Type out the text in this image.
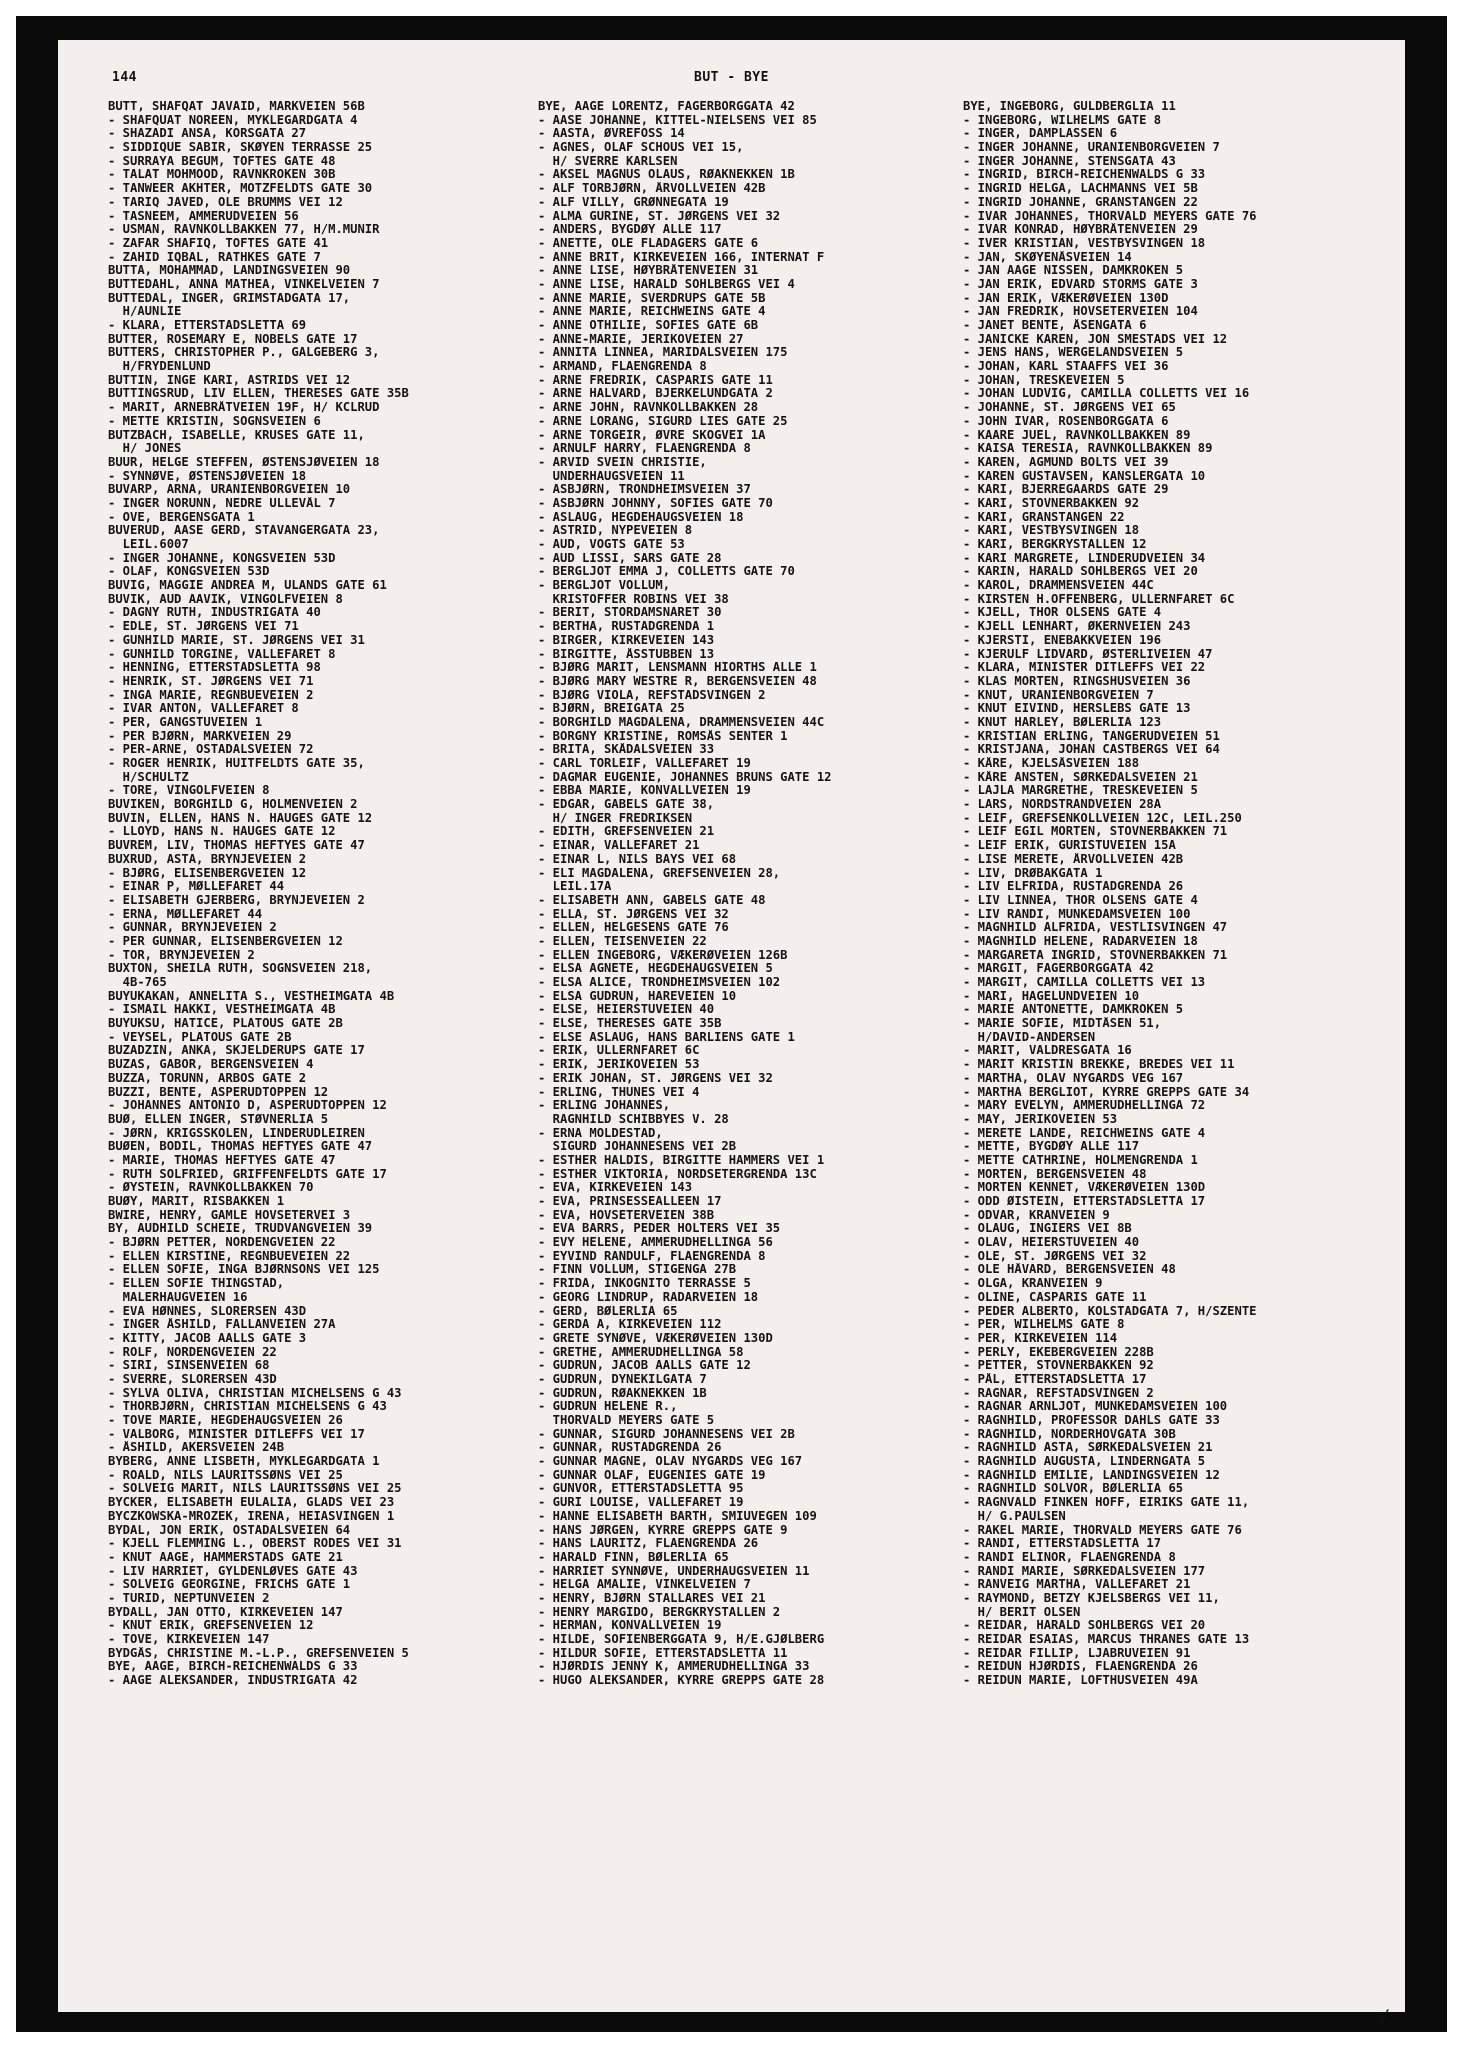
144	BUT - BYE
BUTT, SHAFQAT JAVAID, MARKVEIEN 56B
- SHAFQUAT NOREEN, MYKLEGARDGATA 4
- SHAZADI ANSA, KÖRSGATA 27
- SIDDIQUE SABIR, SKØYEN TERRASSE 25
- SURRAYA BEGUM, TOFTES GATE 48
- TALAT MOHMOOD, RAVNKROKEN 30B
- TANWEER AKHTER, MOTZFELDTS GATE 30
- TARIQ JAVED, OLE BRUMMS VEI 12
- TASNEEM, AMMERUDVEIEN 56
- USMAN, RAVNKOLLBAKKEN 77, H/M.MUNIR
- ZAFAR SHAFIQ, TOFTES GATE 41
- ZAHID IQBAL, RATHKES GATE 7
BUTTA, MOHAMMAD, LANDINGSVEIEN 90
BUTTEDAHL, ANNA MATHEA, VINKELVEIEN 7
BUTTEDAL, INGER, GRIMSTADGATA 17,
H/AUNLIE
- KLARA, ETTERSTADSLETTA 69
BUTTER, ROSEMARY E, NOBELS GATE 17
BUTTERS, CHRISTOPHER P., GALGEBERG 3,
H/FRYDENLUND
BUTTIN, INGE KARI, ASTRIDS VEI 12
BUTTINGSRUD, LIV ELLEN, THERESES GATE 35B
- MARIT, ARNEBRÅTVEIEN 19F, H/ KCLRUD
- METTE KRISTIN, SOGNSVEIEN 6
BUTZBACH, ISABELLE, KRUSES GATE 11,
H/ JONES
BUUR, HELGE STEFFEN, ØSTENSJØVEIEN 18
- SYNNØVE, ØSTENSJØVEIEN 18
BUVARP, ARNA, URANIENBORGVEIEN 10
- INGER NORUNN, NEDRE ULLEVÅL 7
- OVE, BERGENSGATA 1
BUVERUD, AASE GERD, STAVANGERGATA 23,
LEIL.6007
- INGER JOHANNE, KONGSVEIEN 53D
- OLAF, KONGSVEIEN 53D
BUVIG, MAGGIE ANDREA M, ULANDS GATE 61
BUVIK, AUD AAVIK, VINGOLFVEIEN 8
- DAGNY RUTH, INDUSTRIGATA 40
- EDLE, ST. JØRGENS VEI 71
- GUNHILD MARIE, ST. JØRGENS VEI 31
- GUNHILD TORGINE, VALLEFARET 8
- HENNING, ETTERSTADSLETTA 98
- HENRIK, ST. JØRGENS VEI 71
- INGA MARIE, REGNBUEVEIEN 2
- IVAR ANTON, VALLEFARET 8
- PER, GANGSTUVEIEN 1
- PER BJØRN, MARKVEIEN 29
- PER-ARNE, OSTADALSVEIEN 72
- ROGER HENRIK, HUITFELDTS GATE 35,
H/SCHULTZ
- TORE, VINGOLFVEIEN 8
BUVIKEN, BORGHILD G, HOLMENVEIEN 2
BUVIN, ELLEN, HANS N. HAUGES GATE 12
- LLOYD, HANS N. HAUGES GATE 12
BUVREM, LIV, THOMAS HEFTYES GATE 47
BUXRUD, ASTA, BRYNJEVEIEN 2
- BJØRG, ELISENBERGVEIEN 12
- EINAR P, MØLLEFARET 44
- ELISABETH GJERBERG, BRYNJEVEIEN 2
- ERNA, MØLLEFARET 44
- GUNNAR, BRYNJEVEIEN 2
- PER GUNNAR, ELISENBERGVEIEN 12
- TOR, BRYNJEVEIEN 2
BUXTON, SHEILA RUTH, SOGNSVEIEN 218,
4B-765
BUYUKAKAN, ANNELITA S., VESTHEIMGATA 4B
- ISMAIL HAKKI, VESTHEIMGATA 4B
BUYUKSU, HATICE, PLATOUS GATE 2B
- VEYSEL, PLATOUS GATE 2B
BUZADZIN, ANKA, SKJELDERUPS GATE 17
BUZAS, GABOR, BERGENSVEIEN 4
BUZZA, TORUNN, ARBOS GATE 2
BUZZI, BENTE, ASPERUDTOPPEN 12
- JOHANNES ANTONIO D, ASPERUDTOPPEN 12
BUØ, ELLEN INGER, STØVNERLIA 5
- JØRN, KRIGSSKOLEN, LINDERUDLEIREN
BUØEN, BODIL, THOMAS HEFTYES GATE 47
- MARIE, THOMAS HEFTYES GATE 47
- RUTH SOLFRIED, GRIFFENFELDTS GATE 17
- ØYSTEIN, RAVNKOLLBAKKEN 70
BUØY, MARIT, RISBAKKEN 1
BWIRE, HENRY, GAMLE HOVSETERVEI 3
BY, AUDHILD SCHEIE, TRUDVANGVEIEN 39
- BJØRN PETTER, NORDENGVEIEN 22
- ELLEN KIRSTINE, REGNBUEVEIEN 22
- ELLEN SOFIE, INGA BJØRNSONS VEI 125
- ELLEN SOFIE THINGSTAD,
MALERHAUGVEIEN 16
- EVA HØNNES, SLORERSEN 43D
- INGER ÅSHILD, FALLANVEIEN 27A
- KITTY, JACOB AALLS GATE 3
- ROLF, NORDENGVEIEN 22
- SIRI, SINSENVEIEN 68
- SVERRE, SLORERSEN 43D
- SYLVA OLIVA, CHRISTIAN MICHELSENS G 43
- THORBJØRN, CHRISTIAN MICHELSENS G 43
- TOVE MARIE, HEGDEHAUGSVEIEN 26
- VALBORG, MINISTER DITLEFFS VEI 17
- ÅSHILD, AKERSVEIEN 24B
BYBERG, ANNE LISBETH, MYKLEGARDGATA 1
- ROALD, NILS LAURITSSØNS VEI 25
- SOLVEIG MARIT, NILS LAURITSSØNS VEI 25
BYCKER, ELISABETH EULALIA, GLADS VEI 23
BYCZKOWSKA-MROZEK, IRENA, HEIASVINGEN 1
BYDAL, JON ERIK, OSTADALSVEIEN 64
- KJELL FLEMMING L., OBERST RODES VEI 31
- KNUT AAGE, HAMMERSTADS GATE 21
- LIV HARRIET, GYLDENLØVES GATE 43
- SOLVEIG GEORGINE, FRICHS GATE 1
- TURID, NEPTUNVEIEN 2
BYDALL, JAN OTTO, KIRKEVEIEN 147
- KNUT ERIK, GREFSENVEIEN 12
- TOVE, KIRKEVEIEN 147
BYDGÅS, CHRISTINE M.-L.P., GREFSENVEIEN 5
BYE, AAGE, BIRCH-REICHENWALDS G 33
- AAGE ALEKSANDER, INDUSTRIGATA 42
BYE, AAGE LORENTZ, FAGERBORGGATA 42
- AASE JOHANNE, KITTEL-NIELSENS VEI 85
- AASTA, ØVREFÖSS 14
- AGNES, OLAF SCHOUS VEI 15,
H/ SVERRE KARLSEN
- AKSEL MAGNUS OLAUS, RØAKNEKKEN 1B
- ALF TORBJØRN, ÅRVOLLVEIEN 42B
- ALF VILLY, GRØNNEGATA 19
- ALMA GURINE, ST. JØRGENS VEI 32
- ANDERS, BYGDØY ALLÉ 117
- ANETTE, OLE FLADAGERS GATE 6
- ANNE BRIT, KIRKEVEIEN 166, INTERNAT F
- ANNE LISE, HØYBRÅTENVEIEN 31
- ANNE LISE, HARALD SÖHLBERGS VEI 4
- ANNE MARIE, SVERDRUPS GATE 5B
- ANNE MARIE, REICHWEINS GATE 4
- ANNE OTHILIE, SOFIES GATE 6B
- ANNE-MARIE, JERIKOVEIEN 27
- ANNITA LINNEA, MARIDALSVEIEN 175
- ARMAND, FLAENGRENDA 8
- ARNE FREDRIK, CASPARIS GATE 11
- ARNE HALVARD, BJERKELUNDGATA 2
- ARNE JOHN, RAVNKOLLBAKKEN 28
- ARNE LORANG, SIGURD LIES GATE 25
- ARNE TORGEIR, ØVRE SKOGVEI 1A
- ARNULF HARRY, FLAENGRENDA 8
- ARVID SVEIN CHRISTIE,
UNDERHAUGSVEIEN 11
- ASBJØRN, TRONDHEIMSVEIEN 37
- ASBJØRN JOHNNY, SOFIES GATE 70
- ASLAUG, HEGDEHAUGSVEIEN 18
- ASTRID, NYPEVEIEN 8
- AUD, VOGTS GATE 53
- AUD LISSI, SARS GATE 28
- BERGLJOT EMMA J, COLLETTS GATE 70
- BERGLJOT VOLLUM,
KRISTOFFER ROBINS VEI 38
- BERIT, STORDAMSNARET 30
- BERTHA, RUSTADGRENDA 1
- BIRGER, KIRKEVEIEN 143
- BIRGITTE, ÅSSTUBBEN 13
- BJØRG MARIT, LENSMANN HIORTHS ALLÉ 1
- BJØRG MARY WESTRE R, BERGENSVEIEN 48
- BJØRG VIOLA, REFSTADSVINGEN 2
- BJØRN, BREIGATA 25
- BORGHILD MAGDALENA, DRAMMENSVEIEN 44C
- BORGNY KRISTINE, ROMSÅS SENTER 1
- BRITA, SKÅDALSVEIEN 33
- CARL TORLEIF, VALLEFARET 19
- DAGMAR EUGENIE, JOHANNES BRUNS GATE 12
- EBBA MARIE, KONVALLVEIEN 19
- EDGAR, GABELS GATE 38,
H/ INGER FREDRIKSEN
- EDITH, GREFSENVEIEN 21
- EINAR, VALLEFARET 21
- EINAR L, NILS BAYS VEI 68
- ELI MAGDALENA, GREFSENVEIEN 28,
LEIL.17A
- ELISABETH ANN, GABELS GATE 48
- ELLA, ST. JØRGENS VEI 32
- ELLEN, HELGESENS GATE 76
- ELLEN, TEISENVEIEN 22
- ELLEN INGEBORG, VÆKERØVEIEN 126B
- ELSA AGNETE, HEGDEHAUGSVEIEN 5
- ELSA ALICE, TRONDHEIMSVEIEN 102
- ELSA GUDRUN, HAREVEIEN 10
- ELSE, HEIERSTUVEIEN 40
- ELSE, THERESES GATE 35B
- ELSE ASLAUG, HANS BARLIENS GATE 1
- ERIK, ULLERNFARET 6C
- ERIK, JERIKOVEIEN 53
- ERIK JOHAN, ST. JØRGENS VEI 32
- ERLING, THUNES VEI 4
- ERLING JOHANNES,
RAGNHILD SCHIBBYES V. 28
- ERNA MOLDESTAD,
SIGURD JOHANNESENS VEI 2B
- ESTHER HALDIS, BIRGITTE HAMMERS VEI 1
- ESTHER VIKTORIA, NORDSETERGRENDA 13C
- EVA, KIRKEVEIEN 143
- EVA, PRINSESSEALLEEN 17
- EVA, HOVSETERVEIEN 38B
- EVA BARRS, PEDER HOLTERS VEI 35
- EVY HELENE, AMMERUDHELLINGA 56
- EYVIND RANDULF, FLAENGRENDA 8
- FINN VOLLUM, STIGENGA 27B
- FRIDA, INKOGNITO TERRASSE 5
- GEORG LINDRUP, RADARVEIEN 18
- GERD, BØLERLIA 65
- GERDA A, KIRKEVEIEN 112
- GRETE SYNØVE, VÆKERØVEIEN 130D
- GRETHE, AMMERUDHELLINGA 58
- GUDRUN, JACOB AALLS GATE 12
- GUDRUN, DYNEKILGATA 7
- GUDRUN, RØAKNEKKEN 1B
- GUDRUN HELENE R.,
THORVALD MEYERS GATE 5
- GUNNAR, SIGURD JOHANNESENS VEI 2B
- GUNNAR, RUSTADGRENDA 26
- GUNNAR MAGNE, OLAV NYGARDS VEG 167
- GUNNAR OLAF, EUGENIES GATE 19
- GUNVOR, ETTERSTADSLETTA 95
- GURI LOUISE, VALLEFARET 19
- HANNE ELISABETH BARTH, SMIUVEGEN 109
- HANS JØRGEN, KYRRE GREPPS GATE 9
- HANS LAURITZ, FLAENGRENDA 26
- HARALD FINN, BØLERLIA 65
- HARRIET SYNNØVE, UNDERHAUGSVEIEN 11
- HELGA AMALIE, VINKELVEIEN 7
- HENRY, BJØRN STALLARES VEI 21
- HENRY MARGIDO, BERGKRYSTALLEN 2
- HERMAN, KONVALLVEIEN 19
- HILDE, SOFIENBERGGATA 9, H/E.GJØLBERG
- HILDUR SOFIE, ETTERSTADSLETTA 11
- HJØRDIS JENNY K, AMMERUDHELLINGA 33
- HUGO ALEKSANDER, KYRRE GREPPS GATE 28
BYE, INGEBORG, GULDBERGLIA 11
- INGEBORG, WILHELMS GATE 8
- INGER, DAMPLASSEN 6
- INGER JOHANNE, URANIENBORGVEIEN 7
- INGER JOHANNE, STENSGATA 43
- INGRID, BIRCH-REICHENWALDS G 33
- INGRID HELGA, LACHMANNS VEI 5B
- INGRID JOHANNE, GRANSTANGEN 22
- IVAR JOHANNES, THORVALD MEYERS GATE 76
- IVAR KONRAD, HØYBRÅTENVEIEN 29
- IVER KRISTIAN, VESTBYSVINGEN 18
- JAN, SKØYENÅSVEIEN 14
- JAN AAGE NISSEN, DAMKROKEN 5
- JAN ERIK, EDVARD STORMS GATE 3
- JAN ERIK, VÆKERØVEIEN 130D
- JAN FREDRIK, HOVSETERVEIEN 104
- JANET BENTE, ÅSENGATA 6
- JANICKE KAREN, JON SMESTADS VEI 12
- JENS HANS, WERGELANDSVEIEN 5
- JOHAN, KARL STAAFFS VEI 36
- JOHAN, TRESKEVEIEN 5
- JOHAN LUDVIG, CAMILLA COLLETTS VEI 16
- JOHANNE, ST. JØRGENS VEI 65
- JOHN IVAR, ROSENBORGGATA 6
- KAARE JUEL, RAVNKOLLBAKKEN 89
- KAISA TERESIA, RAVNKOLLBAKKEN 89
- KAREN, AGMUND BOLTS VEI 39
- KAREN GUSTAVSEN, KANSLERGATA 10
- KARI, BJERREGAARDS GATE 29
- KARI, STOVNERBAKKEN 92
- KARI, GRANSTANGEN 22
- KARI, VESTBYSVINGEN 18
- KARI, BERGKRYSTALLEN 12
- KARI MARGRETE, LINDERUDVEIEN 34
- KARIN, HARALD SOHLBERGS VEI 20
- KAROL, DRAMMENSVEIEN 44C
- KIRSTEN H.OFFENBERG, ULLERNFARET 6C
- KJELL, THOR OLSENS GATE 4
- KJELL LENHART, ØKERNVEIEN 243
- KJERSTI, ENEBAKKVEIEN 196
- KJERULF LIDVARD, ØSTERLIVEIEN 47
- KLARA, MINISTER DITLEFFS VEI 22
- KLAS MORTEN, RINGSHUSVEIEN 36
- KNUT, URANIENBORGVEIEN 7
- KNUT EIVIND, HERSLEBS GATE 13
- KNUT HARLEY, BØLERLIA 123
- KRISTIAN ERLING, TANGERUDVEIEN 51
- KRISTJANA, JOHAN CASTBERGS VEI 64
- KÅRE, KJELSÅSVEIEN 188
- KÅRE ANSTEN, SØRKEDALSVEIEN 21
- LAJLA MARGRETHE, TRESKEVEIEN 5
- LARS, NORDSTRANDVEIEN 28A
- LEIF, GREFSENKOLLVEIEN 12C, LEIL.250
- LEIF EGIL MORTEN, STOVNERBAKKEN 71
- LEIF ERIK, GURISTUVEIEN 15A
- LISE MERETE, ÅRVOLLVEIEN 42B
- LIV, DRØBAKGATA 1
- LIV ELFRIDA, RUSTADGRENDA 26
- LIV LINNEA, THOR OLSENS GATE 4
- LIV RANDI, MUNKEDAMSVEIEN 100
- MAGNHILD ALFRIDA, VESTLISVINGEN 47
- MAGNHILD HELENE, RADARVEIEN 18
- MARGARETA INGRID, STOVNERBAKKEN 71
- MARGIT, FAGERBORGGATA 42
- MARGIT, CAMILLA COLLETTS VEI 13
- MARI, HAGELUNDVEIEN 10
- MARIE ANTONETTE, DAMKROKEN 5
- MARIE SOFIE, MIDTÅSEN 51,
H/DAVID-ANDERSEN
- MARIT, VALDRESGATA 16
- MARIT KRISTIN BREKKE, BREDES VEI 11
- MARTHA, OLAV NYGARDS VEG 167
- MARTHA BERGLIOT, KYRRE GREPPS GATE 34
- MARY EVELYN, AMMERUDHELLINGA 72
- MAY, JERIKOVEIEN 53
- MERETE LANDE, REICHWEINS GATE 4
- METTE, BYGDØY ALLÉ 117
- METTE CATHRINE, HOLMENGRENDA 1
- MORTEN, BERGENSVEIEN 48
- MORTEN KENNET, VÆKERØVEIEN 130D
- ODD ØISTEIN, ETTERSTADSLETTA 17
- ODVAR, KRANVEIEN 9
- OLAUG, INGIERS VEI 8B
- OLAV, HEIERSTUVEIEN 40
- OLE, ST. JØRGENS VEI 32
- OLE HÅVARD, BERGENSVEIEN 48
- OLGA, KRANVEIEN 9
- OLINE, CASPARIS GATE 11
- PEDER ALBERTO, KOLSTADGATA 7, H/SZENTE
- PER, WILHELMS GATE 8
- PER, KIRKEVEIEN 114
- PERLY, EKEBERGVEIEN 228B
- PETTER, STOVNERBAKKEN 92
- PÅL, ETTERSTADSLETTA 17
- RAGNAR, REFSTADSVINGEN 2
- RAGNAR ARNLJOT, MUNKEDAMSVEIEN 100
- RAGNHILD, PROFESSOR DAHLS GATE 33
- RAGNHILD, NORDERHOVGATA 30B
- RAGNHILD ASTA, SØRKEDALSVEIEN 21
- RAGNHILD AUGUSTA, LINDERNGATA 5
- RAGNHILD EMILIE, LANDINGSVEIEN 12
- RAGNHILD SOLVOR, BØLERLIA 65
- RAGNVALD FINKEN HOFF, EIRIKS GATE 11,
H/ G.PAULSEN
- RAKEL MARIE, THORVALD MEYERS GATE 76
- RANDI, ETTERSTADSLETTA 17
- RANDI ELINOR, FLAENGRENDA 8
- RANDI MARIE, SØRKEDALSVEIEN 177
- RANVEIG MARTHA, VALLEFARET 21
- RAYMOND, BETZY KJELSBERGS VEI 11,
H/ BERIT OLSEN
- REIDAR, HARALD SOHLBERGS VEI 20
- REIDAR ESAIAS, MARCUS THRANES GATE 13
- REIDAR FILLIP, LJABRUVEIEN 91
- REIDUN HJØRDIS, FLAENGRENDA 26
- REIDUN MARIE, LOFTHUSVEIEN 49A
√
